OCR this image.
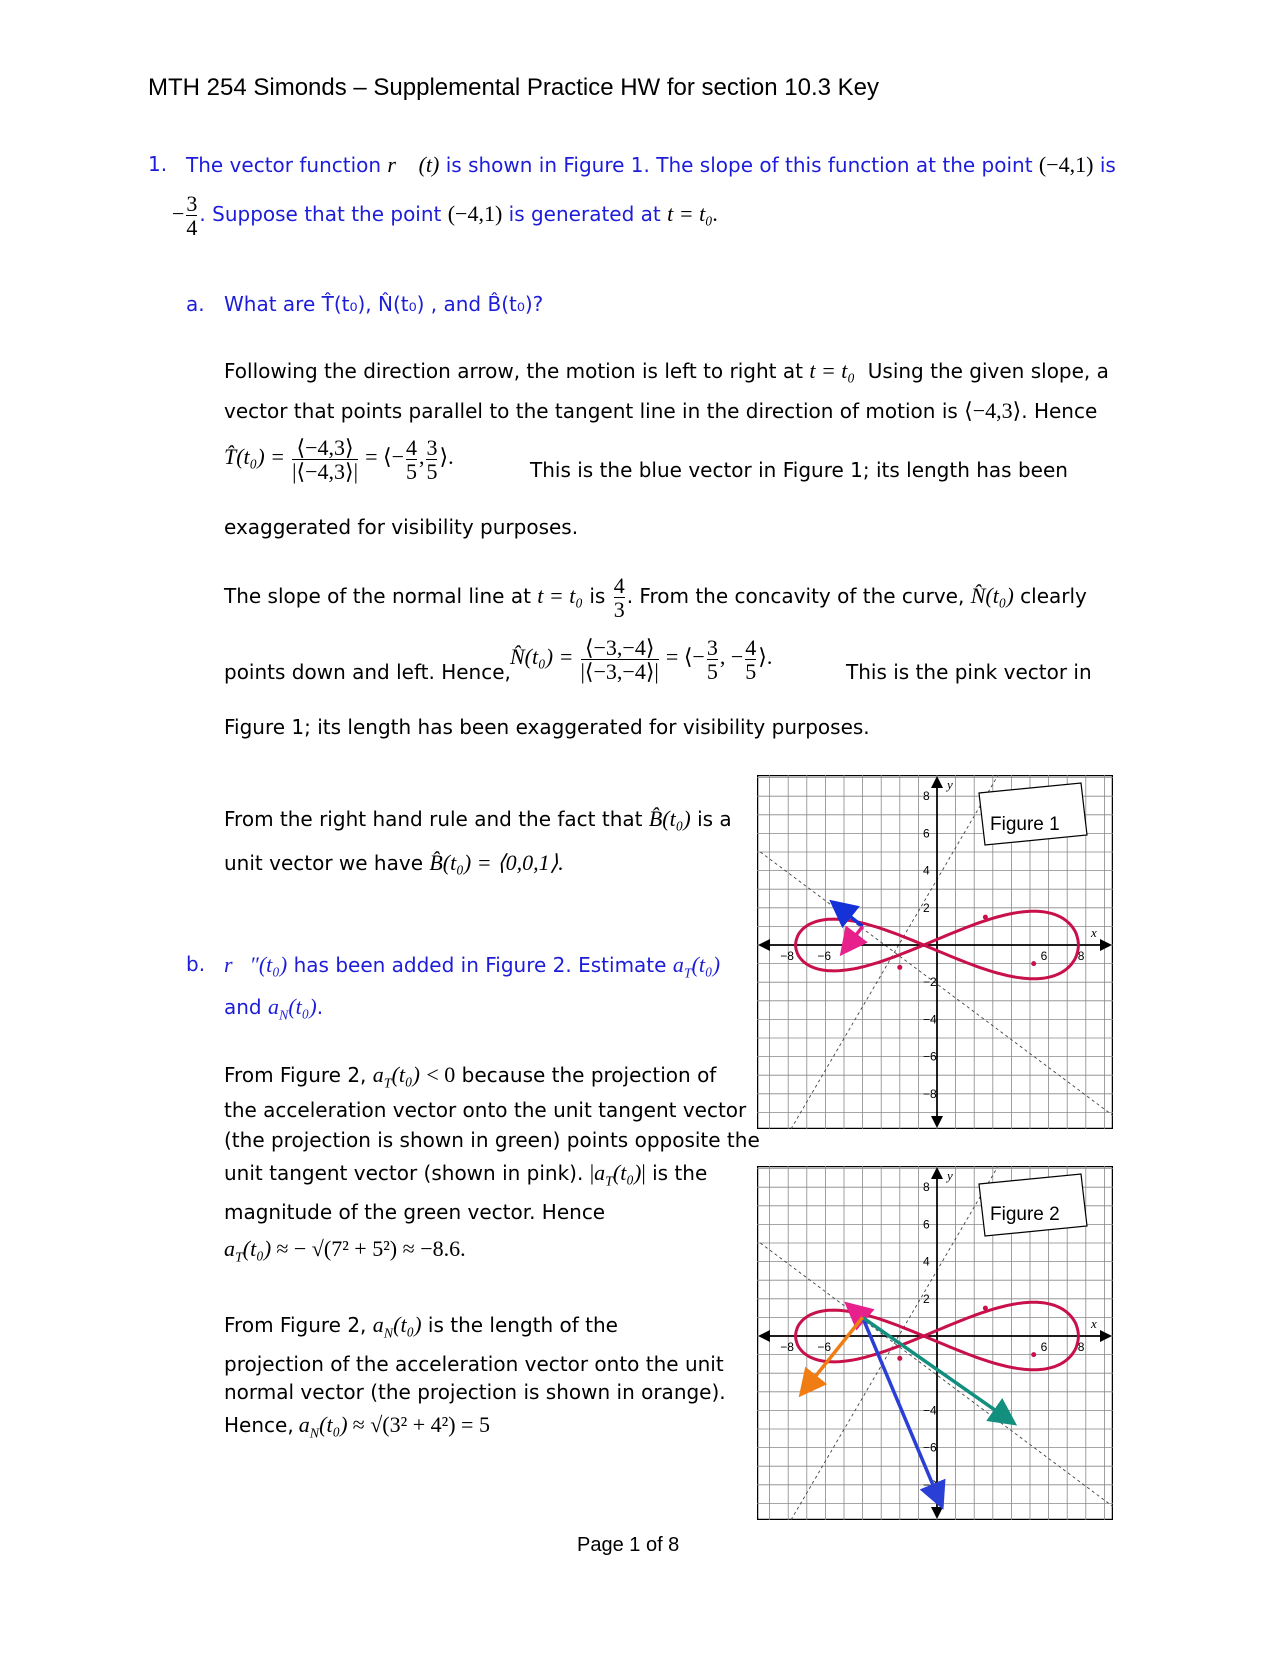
MTH 254 Simonds – Supplemental Practice HW for section 10.3 Key
1. The vector function r⃗ (t) is shown in Figure 1. The slope of this function at the point (−4,1) is
− $\frac{3}{4}$ . Suppose that the point (−4,1) is generated at t = t₀.
a. What are T̂(t₀), N̂(t₀) , and B̂(t₀)?
Following the direction arrow, the motion is left to right at t = t₀ Using the given slope, a
vector that points parallel to the tangent line in the direction of motion is ⟨−4,3⟩. Hence
T̂(t₀) = $\frac{⟨-4,3⟩}{|⟨-4,3⟩|}$ = ⟨− $\frac{4}{5}$ , $\frac{3}{5}$ ⟩.
This is the blue vector in Figure 1; its length has been
exaggerated for visibility purposes.
The slope of the normal line at t = t₀ is $\frac{4}{3}$ . From the concavity of the curve, N̂(t₀) clearly
points down and left. Hence,
N̂(t₀) = $\frac{⟨-3,-4⟩}{|⟨-3,-4⟩|}$ = ⟨− $\frac{3}{5}$ , − $\frac{4}{5}$ ⟩.
This is the pink vector in
Figure 1; its length has been exaggerated for visibility purposes.
From the right hand rule and the fact that B̂(t₀) is a
unit vector we have B̂(t₀) = ⟨0,0,1⟩.
b. r⃗″(t₀) has been added in Figure 2. Estimate $a_T(t_0)$
and $a_N(t_0)$.
From Figure 2, $a_T(t_0) < 0$ because the projection of
the acceleration vector onto the unit tangent vector
(the projection is shown in green) points opposite the
unit tangent vector (shown in pink). $|a_T(t_0)|$ is the
magnitude of the green vector. Hence
$a_T(t_0)$ ≈ − √(7² + 5²) ≈ −8.6.
From Figure 2, $a_N(t_0)$ is the length of the
projection of the acceleration vector onto the unit
normal vector (the projection is shown in orange).
Hence, $a_N(t_0) \approx √(3^2 + 4^2) = 5$
x
y
−8 −6	6	8
8
6
4
2
−2
−4
−6
−8
Figure 1
x
y
−8 −6	6	8
8
6
4
2
−4
−6
−8
Figure 2
Page 1 of 8
